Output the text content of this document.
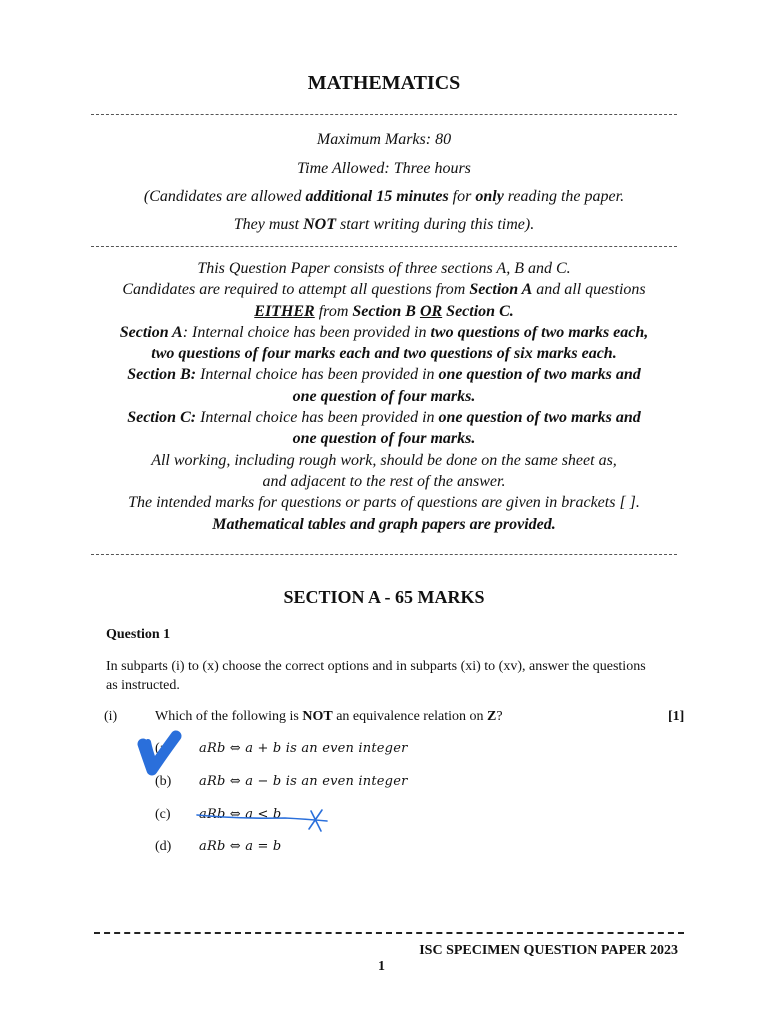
MATHEMATICS
Maximum Marks: 80
Time Allowed: Three hours
(Candidates are allowed additional 15 minutes for only reading the paper.
They must NOT start writing during this time).
This Question Paper consists of three sections A, B and C.
Candidates are required to attempt all questions from Section A and all questions
EITHER from Section B OR Section C.
Section A: Internal choice has been provided in two questions of two marks each,
two questions of four marks each and two questions of six marks each.
Section B: Internal choice has been provided in one question of two marks and
one question of four marks.
Section C: Internal choice has been provided in one question of two marks and
one question of four marks.
All working, including rough work, should be done on the same sheet as,
and adjacent to the rest of the answer.
The intended marks for questions or parts of questions are given in brackets [ ].
Mathematical tables and graph papers are provided.
SECTION A - 65 MARKS
Question 1
In subparts (i) to (x) choose the correct options and in subparts (xi) to (xv), answer the questions as instructed.
(i)	Which of the following is NOT an equivalence relation on Z?	[1]
(a) aRb ⇔ a + b is an even integer
(b) aRb ⇔ a − b is an even integer
(c) aRb ⇔ a < b
(d) aRb ⇔ a = b
ISC SPECIMEN QUESTION PAPER 2023
1
